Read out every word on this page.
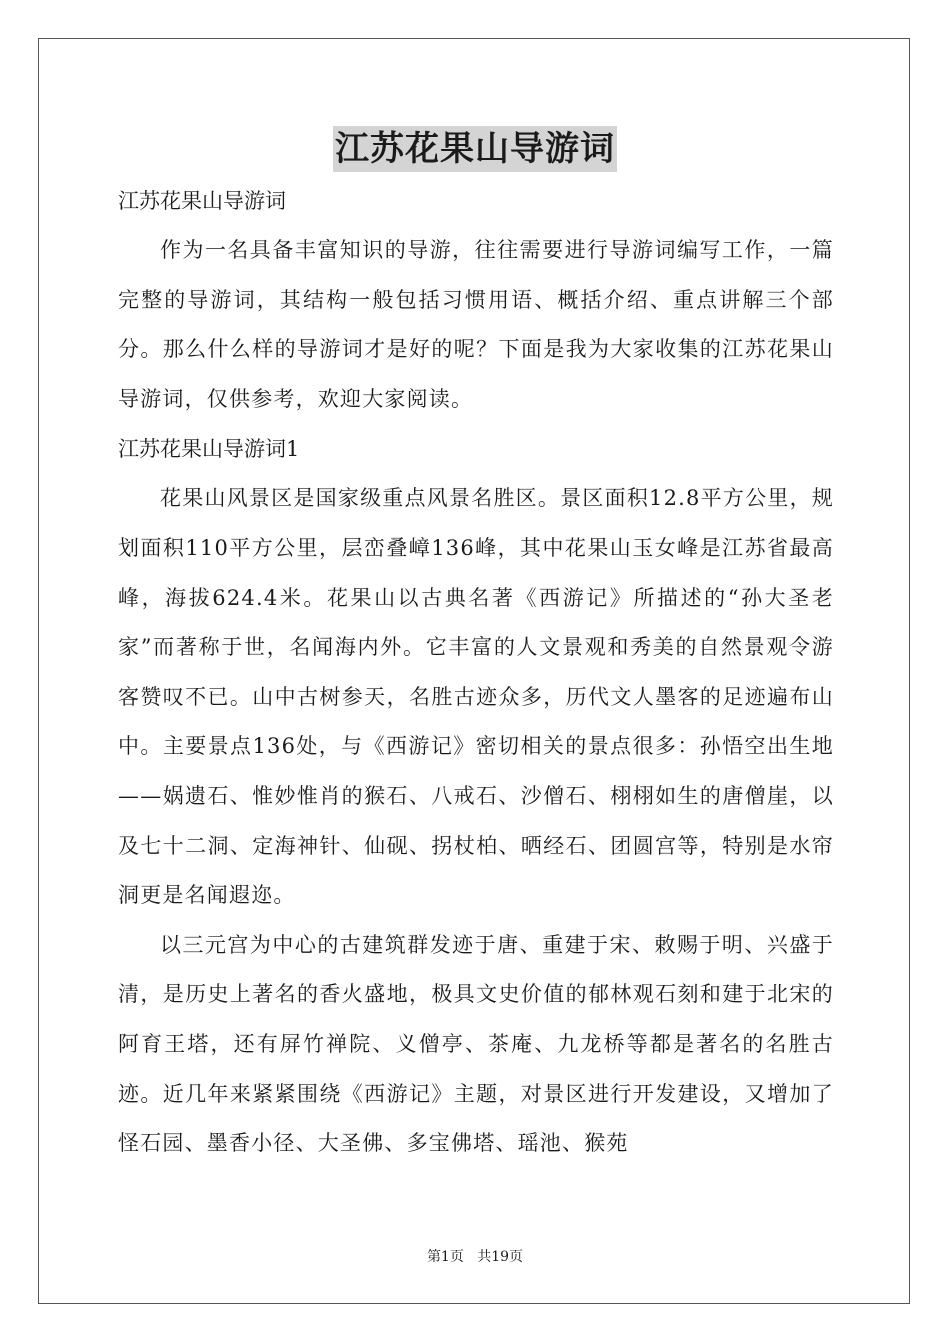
江苏花果山导游词

江苏花果山导游词

作为一名具备丰富知识的导游，往往需要进行导游词编写工作，一篇完整的导游词，其结构一般包括习惯用语、概括介绍、重点讲解三个部分。那么什么样的导游词才是好的呢？下面是我为大家收集的江苏花果山导游词，仅供参考，欢迎大家阅读。

江苏花果山导游词1

花果山风景区是国家级重点风景名胜区。景区面积12.8平方公里，规划面积110平方公里，层峦叠嶂136峰，其中花果山玉女峰是江苏省最高峰，海拔624.4米。花果山以古典名著《西游记》所描述的“孙大圣老家”而著称于世，名闻海内外。它丰富的人文景观和秀美的自然景观令游客赞叹不已。山中古树参天，名胜古迹众多，历代文人墨客的足迹遍布山中。主要景点136处，与《西游记》密切相关的景点很多：孙悟空出生地——娲遗石、惟妙惟肖的猴石、八戒石、沙僧石、栩栩如生的唐僧崖，以及七十二洞、定海神针、仙砚、拐杖柏、晒经石、团圆宫等，特别是水帘洞更是名闻遐迩。

以三元宫为中心的古建筑群发迹于唐、重建于宋、敕赐于明、兴盛于清，是历史上著名的香火盛地，极具文史价值的郁林观石刻和建于北宋的阿育王塔，还有屏竹禅院、义僧亭、茶庵、九龙桥等都是著名的名胜古迹。近几年来紧紧围绕《西游记》主题，对景区进行开发建设，又增加了怪石园、墨香小径、大圣佛、多宝佛塔、瑶池、猴苑

第1页 共19页
